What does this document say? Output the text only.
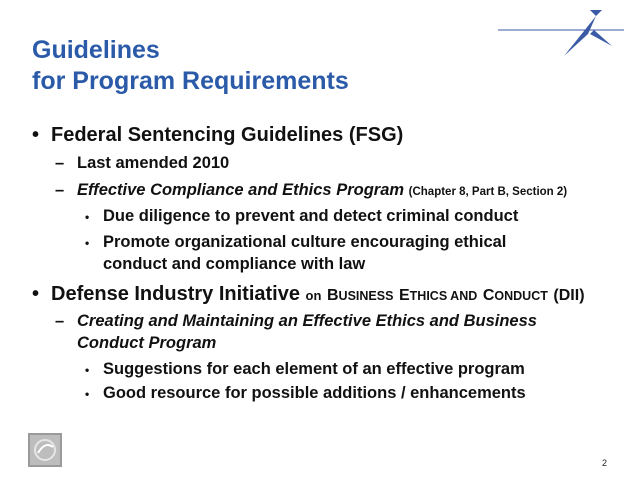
Guidelines
for Program Requirements
• Federal Sentencing Guidelines (FSG)
– Last amended 2010
– Effective Compliance and Ethics Program (Chapter 8, Part B, Section 2)
• Due diligence to prevent and detect criminal conduct
• Promote organizational culture encouraging ethical
conduct and compliance with law
• Defense Industry Initiative on BUSINESS ETHICS AND CONDUCT (DII)
– Creating and Maintaining an Effective Ethics and Business
Conduct Program
• Suggestions for each element of an effective program
• Good resource for possible additions / enhancements
2
